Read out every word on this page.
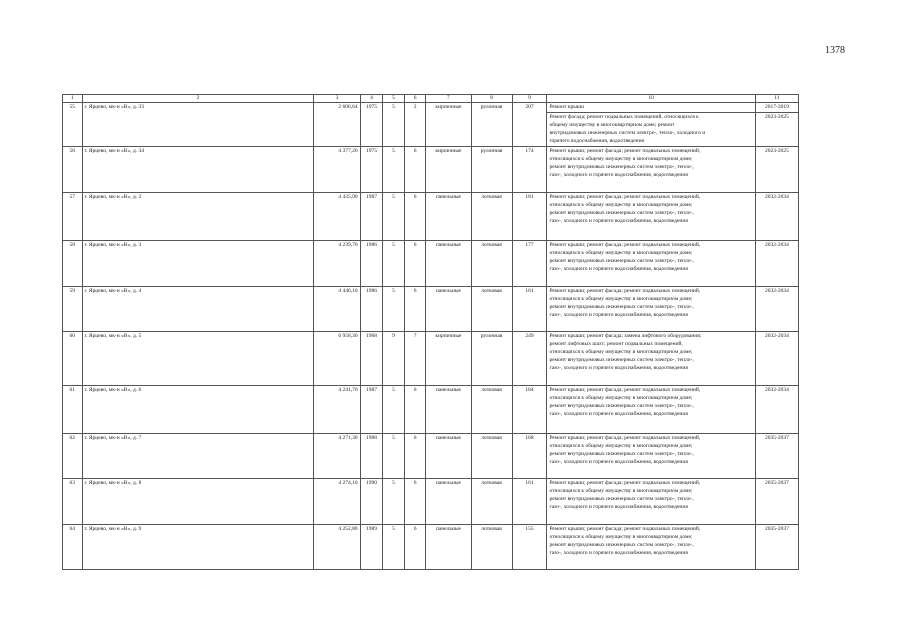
1378
1	2	3	4	5	6	7	8	9	10	11
55	г. Ярцево, мк-н «В», д. 33	2 606,64	1975	5	2	кирпичные	рулонная	207	Ремонт крыши	2017-2019
									Ремонт фасада; ремонт подвальных помещений, относящихся к
общему имуществу в многоквартирном доме; ремонт
внутридомовых инженерных систем электро-, тепло-, холодного и
горячего водоснабжения, водоотведения	2023-2025
56	г. Ярцево, мк-н «В», д. 34	4 377,20	1975	5	6	кирпичные	рулонная	174	Ремонт крыши; ремонт фасада; ремонт подвальных помещений,
относящихся к общему имуществу в многоквартирном доме;
ремонт внутридомовых инженерных систем электро-, тепло-,
газо-, холодного и горячего водоснабжения, водоотведения	2023-2025
57	г. Ярцево, мк-н «В», д. 2	4 435,90	1987	5	6	панельные	лотковая	181	Ремонт крыши; ремонт фасада; ремонт подвальных помещений,
относящихся к общему имуществу в многоквартирном доме;
ремонт внутридомовых инженерных систем электро-, тепло-,
газо-, холодного и горячего водоснабжения, водоотведения	2032-2034
58	г. Ярцево, мк-н «В», д. 3	4 239,70	1986	5	6	панельные	лотковая	177	Ремонт крыши; ремонт фасада; ремонт подвальных помещений,
относящихся к общему имуществу в многоквартирном доме;
ремонт внутридомовых инженерных систем электро-, тепло-,
газо-, холодного и горячего водоснабжения, водоотведения	2032-2034
59	г. Ярцево, мк-н «В», д. 4	4 446,10	1986	5	6	панельные	лотковая	161	Ремонт крыши; ремонт фасада; ремонт подвальных помещений,
относящихся к общему имуществу в многоквартирном доме;
ремонт внутридомовых инженерных систем электро-, тепло-,
газо-, холодного и горячего водоснабжения, водоотведения	2032-2034
60	г. Ярцево, мк-н «В», д. 5	6 958,30	1968	9	7	кирпичные	рулонная	249	Ремонт крыши; ремонт фасада; замена лифтового оборудования;
ремонт лифтовых шахт; ремонт подвальных помещений,
относящихся к общему имуществу в многоквартирном доме;
ремонт внутридомовых инженерных систем электро-, тепло-,
газо-, холодного и горячего водоснабжения, водоотведения	2032-2034
61	г. Ярцево, мк-н «В», д. 6	4 241,70	1987	5	6	панельные	лотковая	184	Ремонт крыши; ремонт фасада; ремонт подвальных помещений,
относящихся к общему имуществу в многоквартирном доме;
ремонт внутридомовых инженерных систем электро-, тепло-,
газо-, холодного и горячего водоснабжения, водоотведения	2032-2034
62	г. Ярцево, мк-н «В», д. 7	4 271,30	1988	5	6	панельные	лотковая	168	Ремонт крыши; ремонт фасада; ремонт подвальных помещений,
относящихся к общему имуществу в многоквартирном доме;
ремонт внутридомовых инженерных систем электро-, тепло-,
газо-, холодного и горячего водоснабжения, водоотведения	2035-2037
63	г. Ярцево, мк-н «В», д. 8	4 274,10	1990	5	6	панельные	лотковая	161	Ремонт крыши; ремонт фасада; ремонт подвальных помещений,
относящихся к общему имуществу в многоквартирном доме;
ремонт внутридомовых инженерных систем электро-, тепло-,
газо-, холодного и горячего водоснабжения, водоотведения	2035-2037
64	г. Ярцево, мк-н «В», д. 9	4 252,80	1989	5	6	панельные	лотковая	155	Ремонт крыши; ремонт фасада; ремонт подвальных помещений,
относящихся к общему имуществу в многоквартирном доме;
ремонт внутридомовых инженерных систем электро-, тепло-,
газо-, холодного и горячего водоснабжения, водоотведения	2035-2037
